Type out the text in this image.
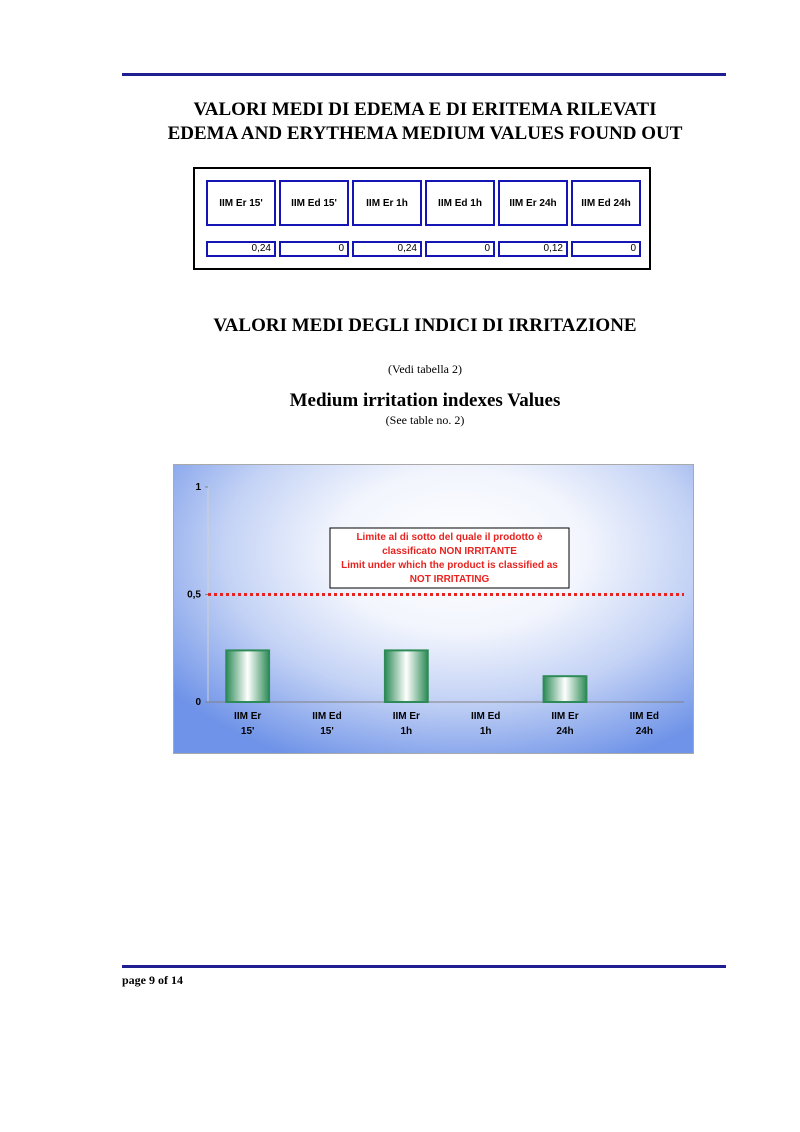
VALORI MEDI DI EDEMA E DI ERITEMA RILEVATI
EDEMA AND ERYTHEMA MEDIUM VALUES FOUND OUT
IIM Er 15'	IIM Ed 15'	IIM Er 1h	IIM Ed 1h	IIM Er 24h	IIM Ed 24h
0,24	0	0,24	0	0,12	0
VALORI MEDI DEGLI INDICI DI IRRITAZIONE
(Vedi tabella 2)
Medium irritation indexes Values
(See table no. 2)
0
0,5
1
Limite al di sotto del quale il prodotto è
classificato NON IRRITANTE
Limit under which the product is classified as
NOT IRRITATING
IIM Er
15'
IIM Ed
15'
IIM Er
1h
IIM Ed
1h
IIM Er
24h
IIM Ed
24h
page 9 of 14
